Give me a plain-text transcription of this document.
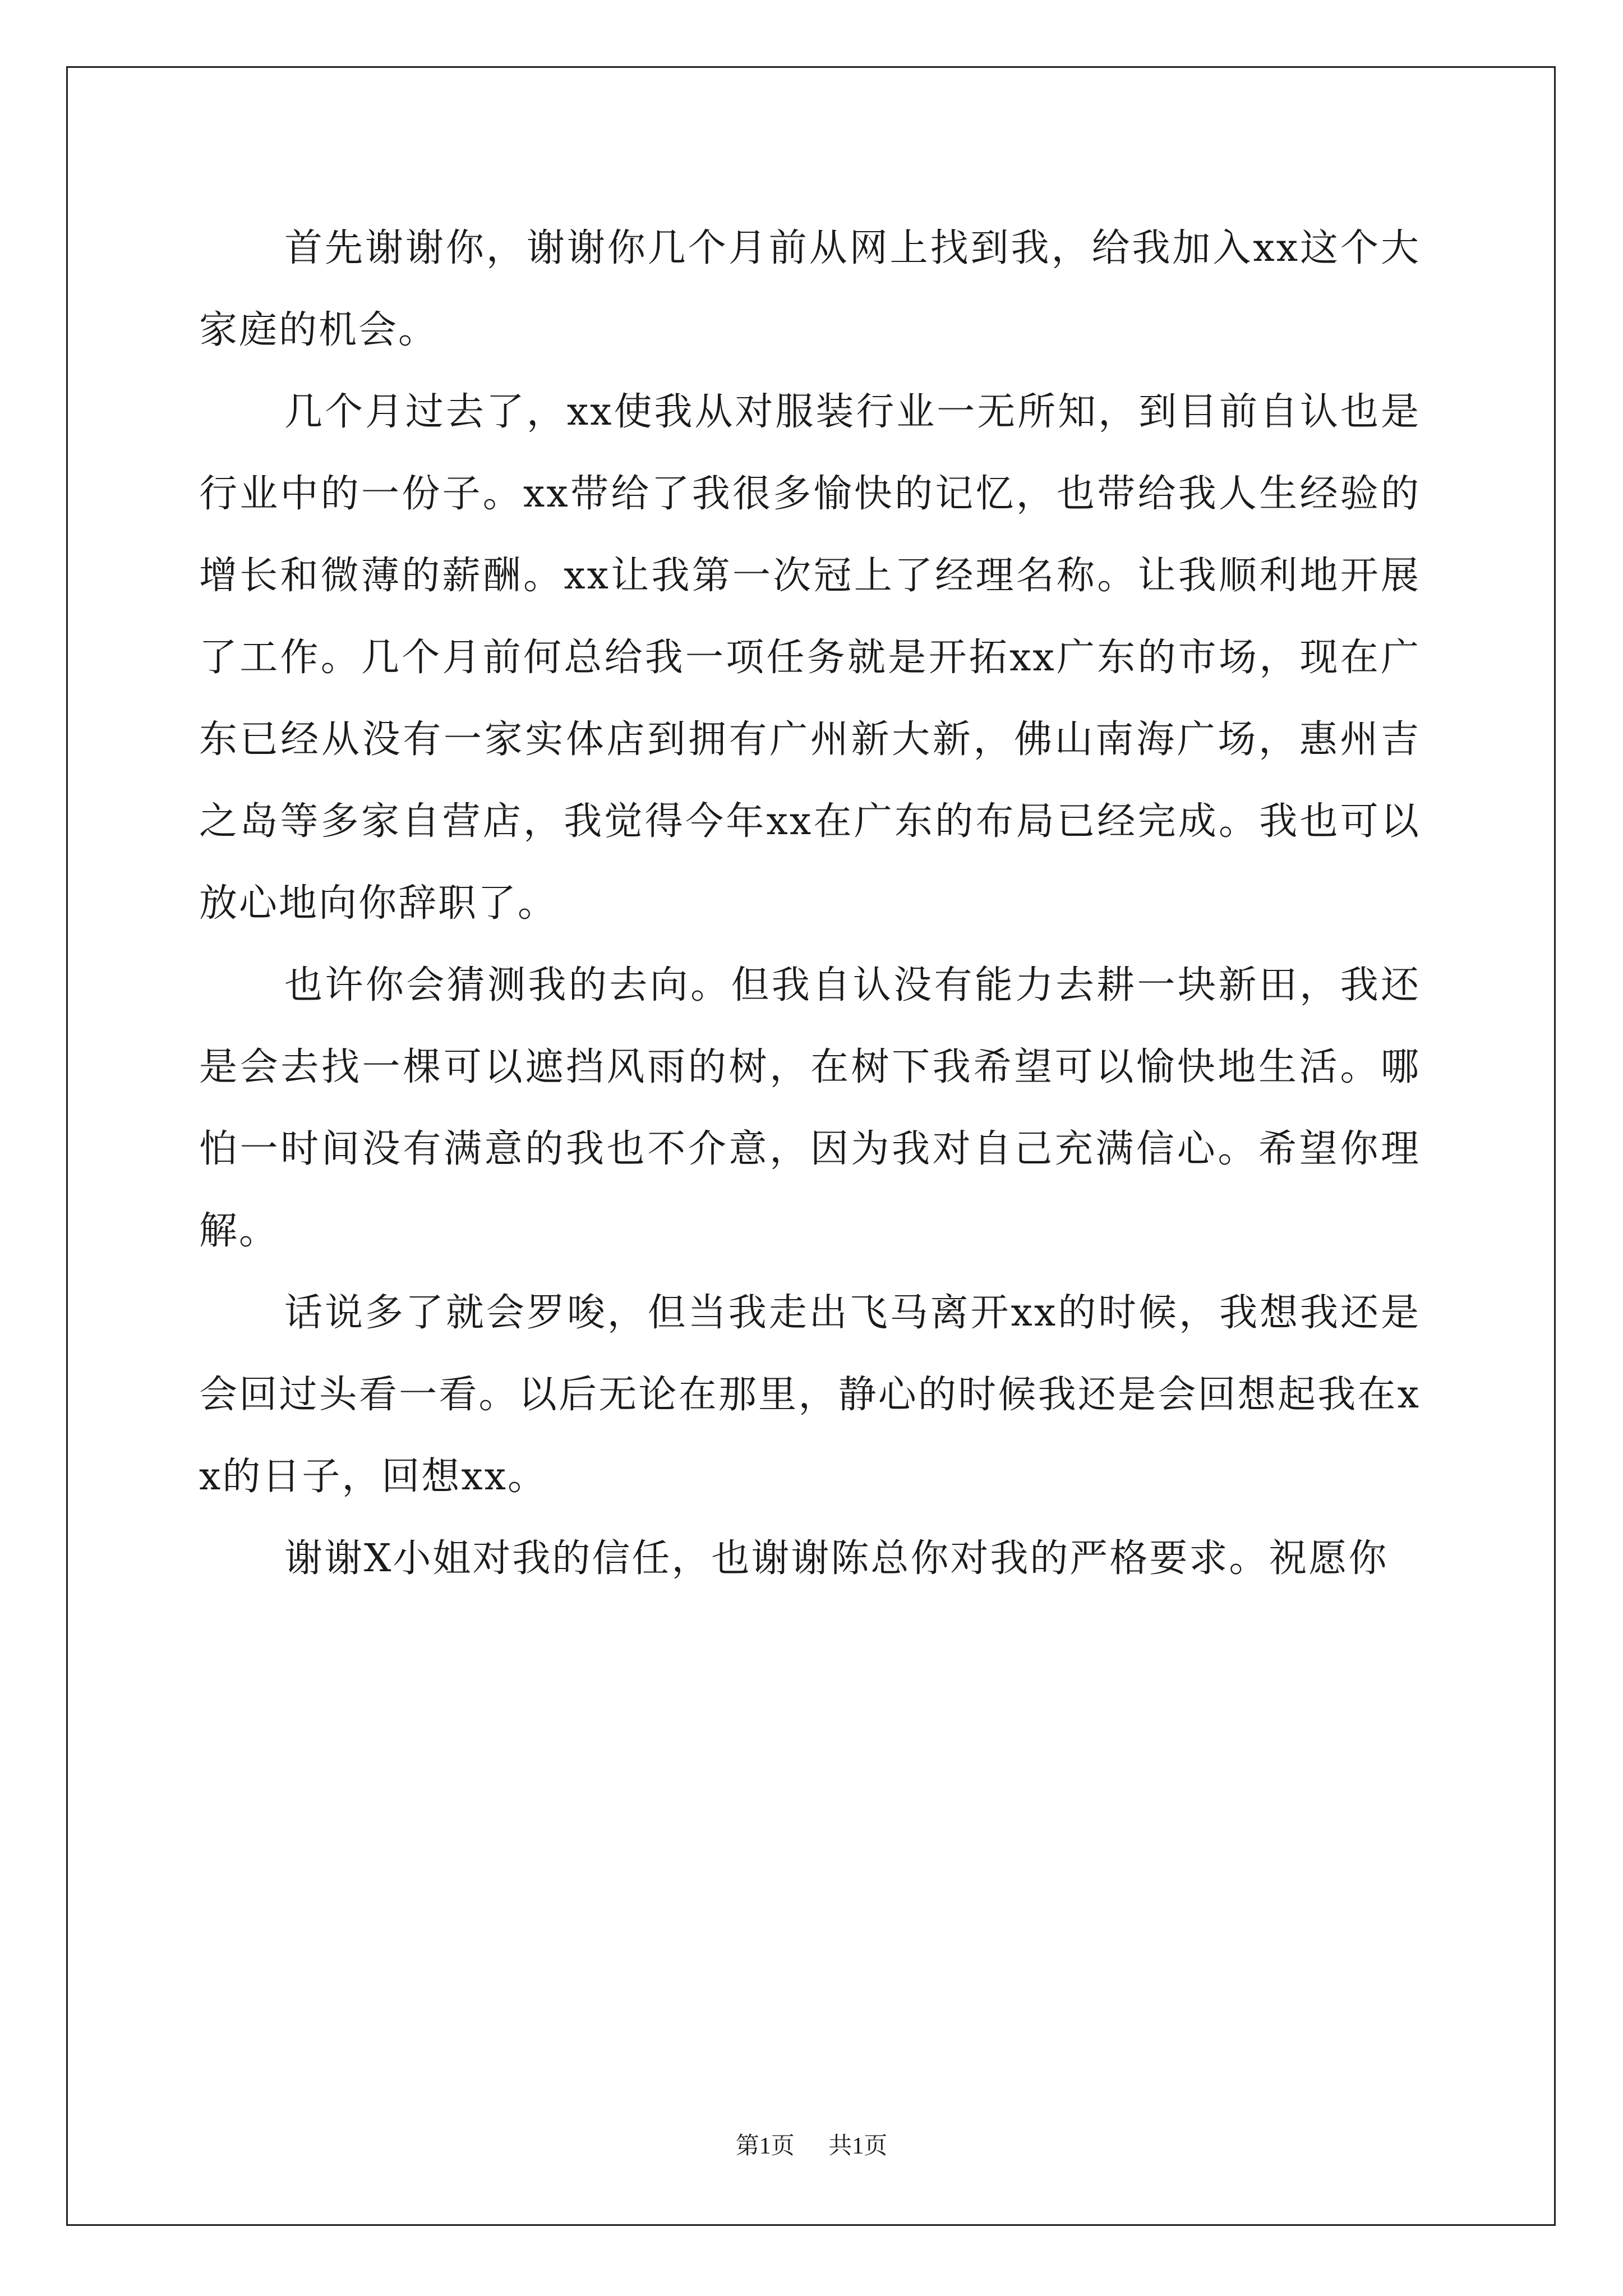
首先谢谢你，谢谢你几个月前从网上找到我，给我加入xx这个大家庭的机会。

几个月过去了，xx使我从对服装行业一无所知，到目前自认也是行业中的一份子。xx带给了我很多愉快的记忆，也带给我人生经验的增长和微薄的薪酬。xx让我第一次冠上了经理名称。让我顺利地开展了工作。几个月前何总给我一项任务就是开拓xx广东的市场，现在广东已经从没有一家实体店到拥有广州新大新，佛山南海广场，惠州吉之岛等多家自营店，我觉得今年xx在广东的布局已经完成。我也可以放心地向你辞职了。

也许你会猜测我的去向。但我自认没有能力去耕一块新田，我还是会去找一棵可以遮挡风雨的树，在树下我希望可以愉快地生活。哪怕一时间没有满意的我也不介意，因为我对自己充满信心。希望你理解。

话说多了就会罗唆，但当我走出飞马离开xx的时候，我想我还是会回过头看一看。以后无论在那里，静心的时候我还是会回想起我在xx的日子，回想xx。

谢谢X小姐对我的信任，也谢谢陈总你对我的严格要求。祝愿你

第1页 共1页
